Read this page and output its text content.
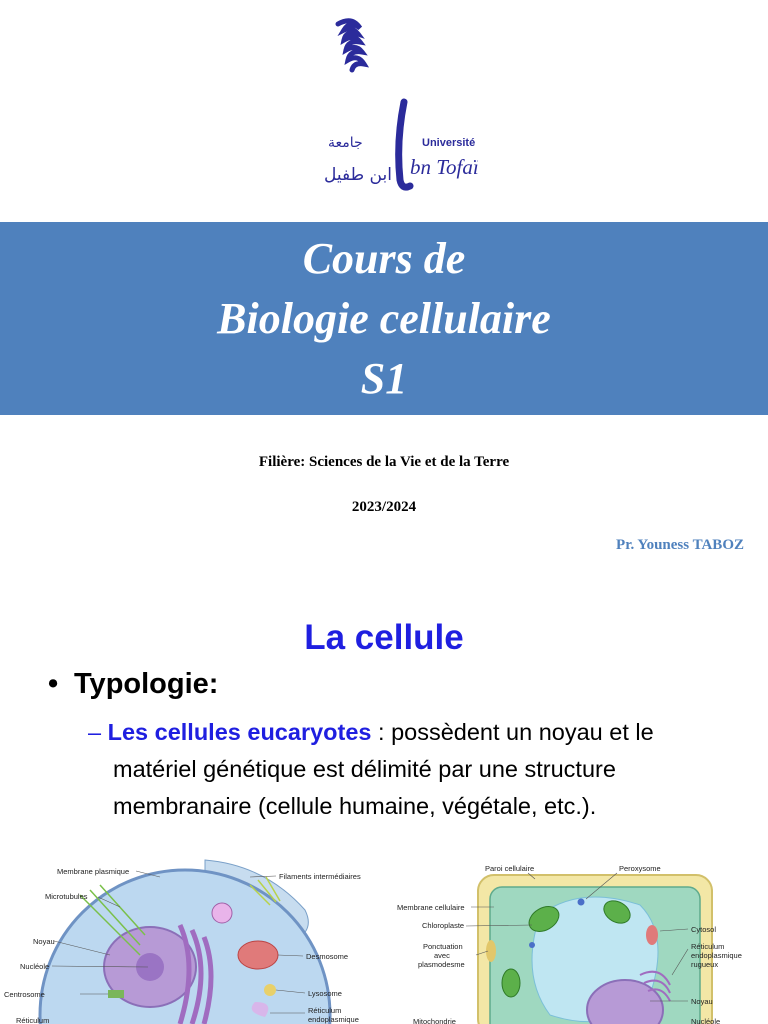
جامعة
ابن طفيل
Université
bn Tofaïl
Cours de
Biologie cellulaire
S1
Filière: Sciences de la Vie et de la Terre
2023/2024
Pr. Youness TABOZ
La cellule
• Typologie:
– Les cellules eucaryotes : possèdent un noyau et le
matériel génétique est délimité par une structure
membranaire (cellule humaine, végétale, etc.).
Membrane plasmique
Microtubules
Noyau
Nucléole
Centrosome
Réticulum
Filaments intermédiaires
Desmosome
Lysosome
Réticulum
endoplasmique
Paroi cellulaire	Peroxysome
Membrane cellulaire
Chloroplaste
Ponctuation
avec
plasmodesme
Cytosol
Réticulum
endoplasmique
rugueux
Noyau
Mitochondrie	Nucléole
